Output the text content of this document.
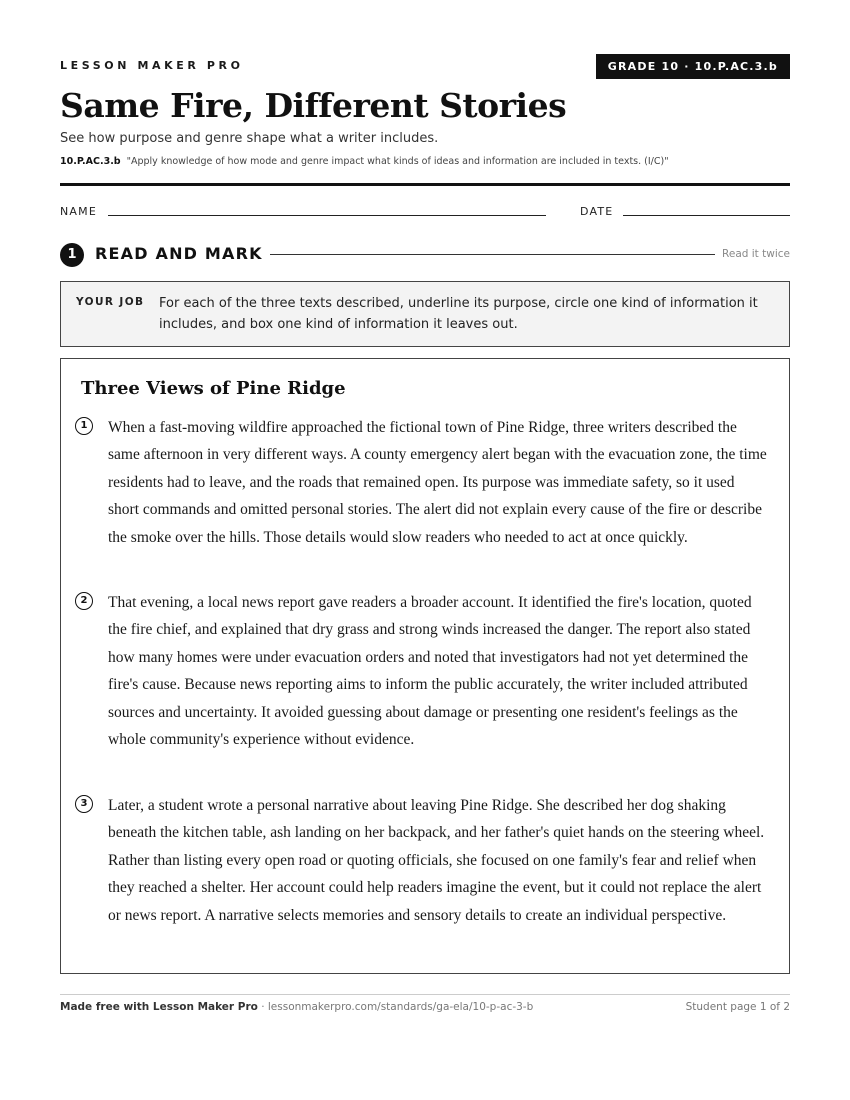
LESSON MAKER PRO	GRADE 10 · 10.P.AC.3.b
Same Fire, Different Stories
See how purpose and genre shape what a writer includes.
10.P.AC.3.b "Apply knowledge of how mode and genre impact what kinds of ideas and information are included in texts. (I/C)"
NAME	DATE
1	READ AND MARK	Read it twice
YOUR JOB For each of the three texts described, underline its purpose, circle one kind of information it includes, and box one kind of information it leaves out.
Three Views of Pine Ridge
1	When a fast-moving wildfire approached the fictional town of Pine Ridge, three writers described the same afternoon in very different ways. A county emergency alert began with the evacuation zone, the time residents had to leave, and the roads that remained open. Its purpose was immediate safety, so it used short commands and omitted personal stories. The alert did not explain every cause of the fire or describe the smoke over the hills. Those details would slow readers who needed to act at once quickly.
2	That evening, a local news report gave readers a broader account. It identified the fire's location, quoted the fire chief, and explained that dry grass and strong winds increased the danger. The report also stated how many homes were under evacuation orders and noted that investigators had not yet determined the fire's cause. Because news reporting aims to inform the public accurately, the writer included attributed sources and uncertainty. It avoided guessing about damage or presenting one resident's feelings as the whole community's experience without evidence.
3	Later, a student wrote a personal narrative about leaving Pine Ridge. She described her dog shaking beneath the kitchen table, ash landing on her backpack, and her father's quiet hands on the steering wheel. Rather than listing every open road or quoting officials, she focused on one family's fear and relief when they reached a shelter. Her account could help readers imagine the event, but it could not replace the alert or news report. A narrative selects memories and sensory details to create an individual perspective.
Made free with Lesson Maker Pro · lessonmakerpro.com/standards/ga-ela/10-p-ac-3-b	Student page 1 of 2
